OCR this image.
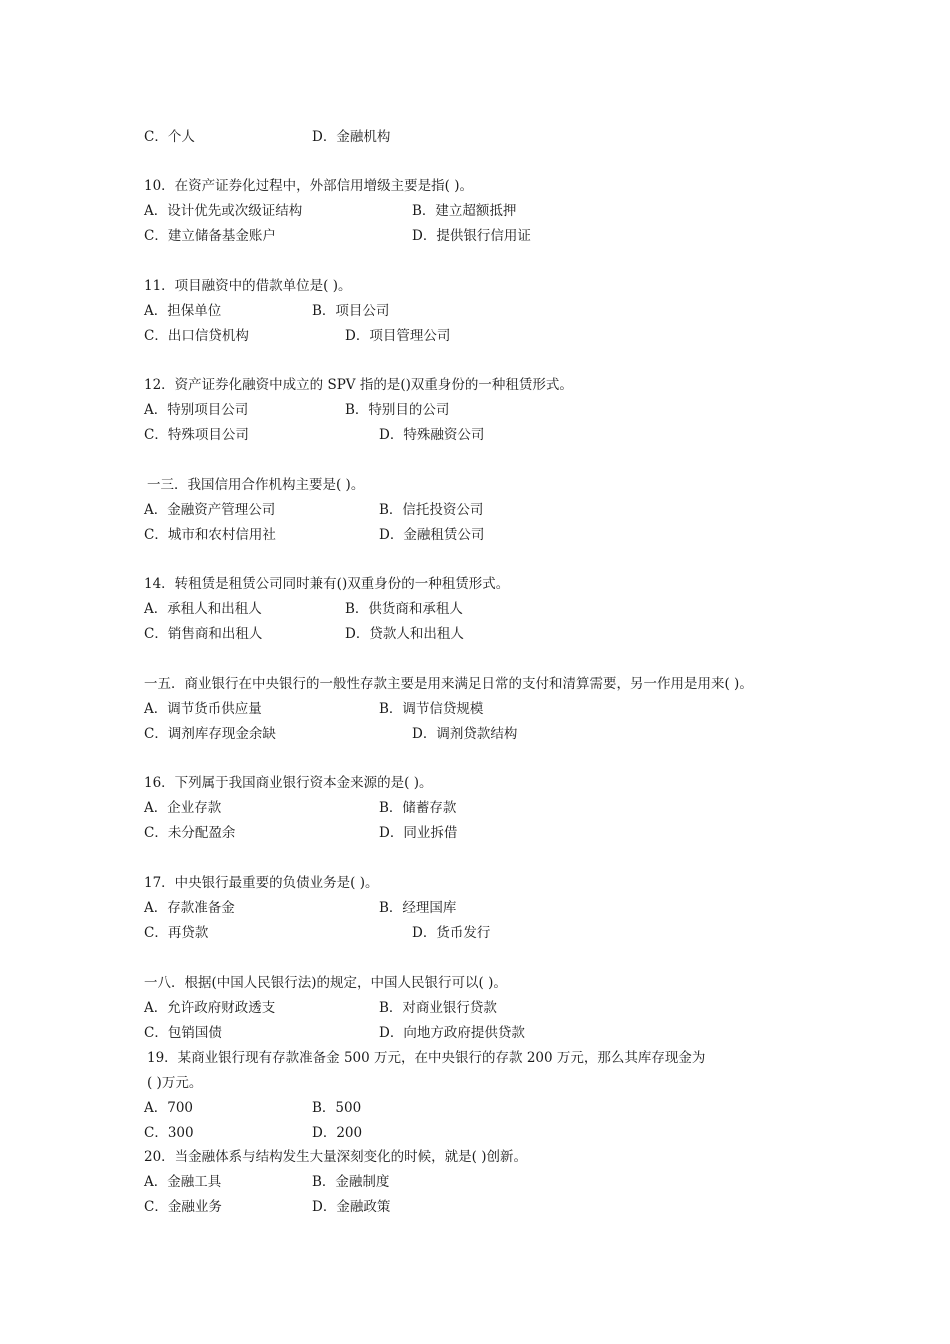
C．个人	D．金融机构
10．在资产证券化过程中，外部信用增级主要是指( )。
A．设计优先或次级证结构	B．建立超额抵押
C．建立储备基金账户	D．提供银行信用证
11．项目融资中的借款单位是( )。
A．担保单位	B．项目公司
C．出口信贷机构	D．项目管理公司
12．资产证券化融资中成立的 SPV 指的是()双重身份的一种租赁形式。
A．特别项目公司	B．特别目的公司
C．特殊项目公司	D．特殊融资公司
一三．我国信用合作机构主要是( )。
A．金融资产管理公司	B．信托投资公司
C．城市和农村信用社	D．金融租赁公司
14．转租赁是租赁公司同时兼有()双重身份的一种租赁形式。
A．承租人和出租人	B．供货商和承租人
C．销售商和出租人	D．贷款人和出租人
一五．商业银行在中央银行的一般性存款主要是用来满足日常的支付和清算需要，另一作用是用来( )。
A．调节货币供应量	B．调节信贷规模
C．调剂库存现金余缺	D．调剂贷款结构
16．下列属于我国商业银行资本金来源的是( )。
A．企业存款	B．储蓄存款
C．未分配盈余	D．同业拆借
17．中央银行最重要的负债业务是( )。
A．存款准备金	B．经理国库
C．再贷款	D．货币发行
一八．根据(中国人民银行法)的规定，中国人民银行可以( )。
A．允许政府财政透支	B．对商业银行贷款
C．包销国债	D．向地方政府提供贷款
19．某商业银行现有存款准备金 500 万元，在中央银行的存款 200 万元，那么其库存现金为
( )万元。
A．700	B．500
C．300	D．200
20．当金融体系与结构发生大量深刻变化的时候，就是( )创新。
A．金融工具	B．金融制度
C．金融业务	D．金融政策
